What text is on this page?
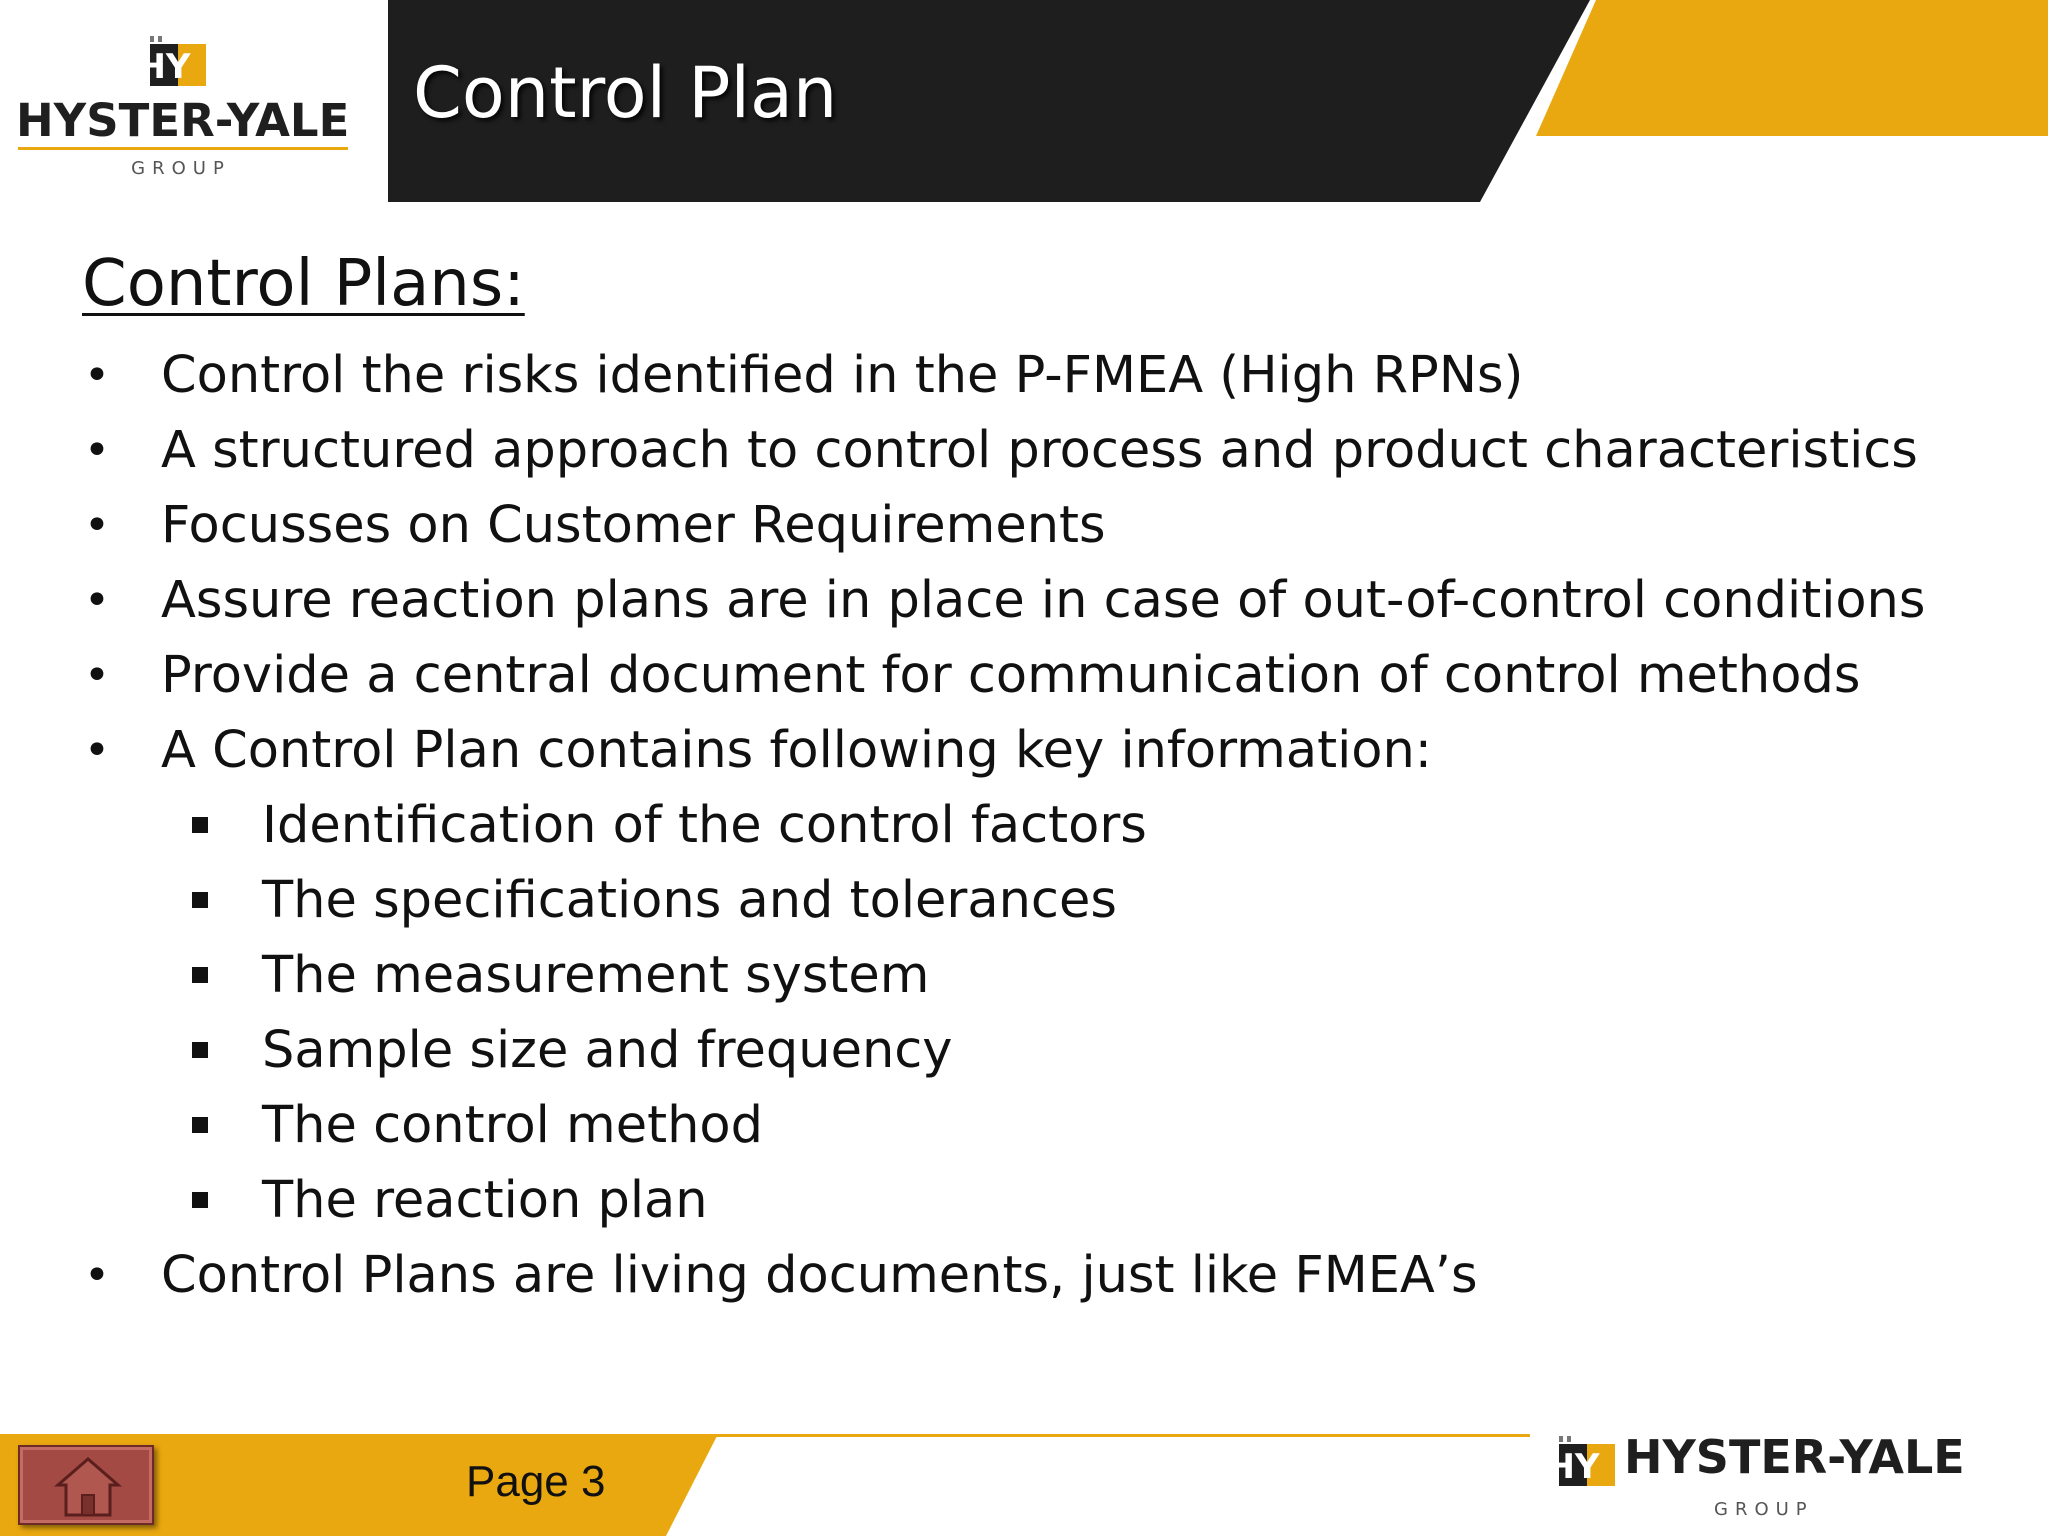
HY
HYSTER-YALE
GROUP
Control Plan
Control Plans:
• Control the risks identified in the P-FMEA (High RPNs)
• A structured approach to control process and product characteristics
• Focusses on Customer Requirements
• Assure reaction plans are in place in case of out-of-control conditions
• Provide a central document for communication of control methods
• A Control Plan contains following key information:
Identification of the control factors
The specifications and tolerances
The measurement system
Sample size and frequency
The control method
The reaction plan
• Control Plans are living documents, just like FMEA’s
Page 3	HY HYSTER-YALE
GROUP
